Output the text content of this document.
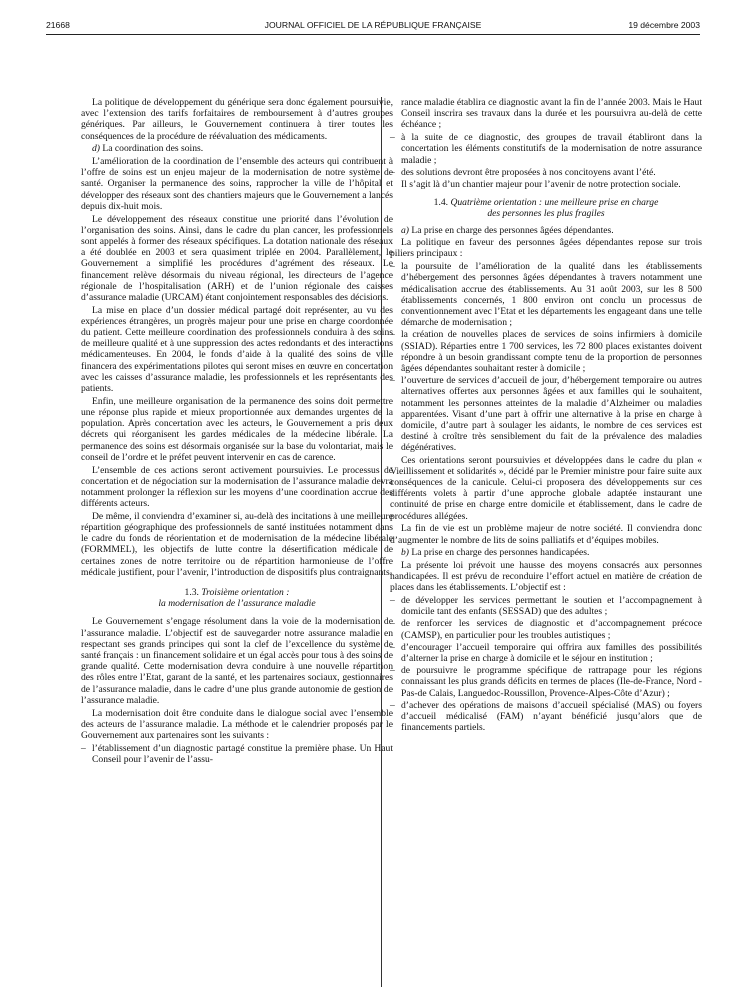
21668	JOURNAL OFFICIEL DE LA RÉPUBLIQUE FRANÇAISE	19 décembre 2003

La politique de développement du générique sera donc également poursuivie, avec l’extension des tarifs forfaitaires de remboursement à d’autres groupes génériques. Par ailleurs, le Gouvernement continuera à tirer toutes les conséquences de la procédure de réévaluation des médicaments.

d) La coordination des soins.

L’amélioration de la coordination de l’ensemble des acteurs qui contribuent à l’offre de soins est un enjeu majeur de la modernisation de notre système de santé. Organiser la permanence des soins, rapprocher la ville de l’hôpital et développer des réseaux sont des chantiers majeurs que le Gouvernement a lancés depuis dix-huit mois.

Le développement des réseaux constitue une priorité dans l’évolution de l’organisation des soins. Ainsi, dans le cadre du plan cancer, les professionnels sont appelés à former des réseaux spécifiques. La dotation nationale des réseaux a été doublée en 2003 et sera quasiment triplée en 2004. Parallèlement, le Gouvernement a simplifié les procédures d’agrément des réseaux. Le financement relève désormais du niveau régional, les directeurs de l’agence régionale de l’hospitalisation (ARH) et de l’union régionale des caisses d’assurance maladie (URCAM) étant conjointement responsables des décisions.

La mise en place d’un dossier médical partagé doit représenter, au vu des expériences étrangères, un progrès majeur pour une prise en charge coordonnée du patient. Cette meilleure coordination des professionnels conduira à des soins de meilleure qualité et à une suppression des actes redondants et des interactions médicamenteuses. En 2004, le fonds d’aide à la qualité des soins de ville financera des expérimentations pilotes qui seront mises en œuvre en concertation avec les caisses d’assurance maladie, les professionnels et les représentants des patients.

Enfin, une meilleure organisation de la permanence des soins doit permettre une réponse plus rapide et mieux proportionnée aux demandes urgentes de la population. Après concertation avec les acteurs, le Gouvernement a pris deux décrets qui réorganisent les gardes médicales de la médecine libérale. La permanence des soins est désormais organisée sur la base du volontariat, mais le conseil de l’ordre et le préfet peuvent intervenir en cas de carence.

L’ensemble de ces actions seront activement poursuivies. Le processus de concertation et de négociation sur la modernisation de l’assurance maladie devra notamment prolonger la réflexion sur les moyens d’une coordination accrue des différents acteurs.

De même, il conviendra d’examiner si, au-delà des incitations à une meilleure répartition géographique des professionnels de santé instituées notamment dans le cadre du fonds de réorientation et de modernisation de la médecine libérale (FORMMEL), les objectifs de lutte contre la désertification médicale de certaines zones de notre territoire ou de répartition harmonieuse de l’offre médicale justifient, pour l’avenir, l’introduction de dispositifs plus contraignants.

1.3. Troisième orientation :
la modernisation de l’assurance maladie

Le Gouvernement s’engage résolument dans la voie de la modernisation de l’assurance maladie. L’objectif est de sauvegarder notre assurance maladie en respectant ses grands principes qui sont la clef de l’excellence du système de santé français : un financement solidaire et un égal accès pour tous à des soins de grande qualité. Cette modernisation devra conduire à une nouvelle répartition des rôles entre l’Etat, garant de la santé, et les partenaires sociaux, gestionnaires de l’assurance maladie, dans le cadre d’une plus grande autonomie de gestion de l’assurance maladie.

La modernisation doit être conduite dans le dialogue social avec l’ensemble des acteurs de l’assurance maladie. La méthode et le calendrier proposés par le Gouvernement aux partenaires sont les suivants :

– l’établissement d’un diagnostic partagé constitue la première phase. Un Haut Conseil pour l’avenir de l’assu-

rance maladie établira ce diagnostic avant la fin de l’année 2003. Mais le Haut Conseil inscrira ses travaux dans la durée et les poursuivra au-delà de cette échéance ;

– à la suite de ce diagnostic, des groupes de travail établiront dans la concertation les éléments constitutifs de la modernisation de notre assurance maladie ;
– des solutions devront être proposées à nos concitoyens avant l’été.

Il s’agit là d’un chantier majeur pour l’avenir de notre protection sociale.

1.4. Quatrième orientation : une meilleure prise en charge
des personnes les plus fragiles

a) La prise en charge des personnes âgées dépendantes.

La politique en faveur des personnes âgées dépendantes repose sur trois piliers principaux :

– la poursuite de l’amélioration de la qualité dans les établissements d’hébergement des personnes âgées dépendantes à travers notamment une médicalisation accrue des établissements. Au 31 août 2003, sur les 8 500 établissements concernés, 1 800 environ ont conclu un processus de conventionnement avec l’Etat et les départements les engageant dans une telle démarche de modernisation ;
– la création de nouvelles places de services de soins infirmiers à domicile (SSIAD). Réparties entre 1 700 services, les 72 800 places existantes doivent répondre à un besoin grandissant compte tenu de la proportion de personnes âgées dépendantes souhaitant rester à domicile ;
– l’ouverture de services d’accueil de jour, d’hébergement temporaire ou autres alternatives offertes aux personnes âgées et aux familles qui le souhaitent, notamment les personnes atteintes de la maladie d’Alzheimer ou maladies apparentées. Visant d’une part à offrir une alternative à la prise en charge à domicile, d’autre part à soulager les aidants, le nombre de ces services est destiné à croître très sensiblement du fait de la prévalence des maladies dégénératives.

Ces orientations seront poursuivies et développées dans le cadre du plan « Vieillissement et solidarités », décidé par le Premier ministre pour faire suite aux conséquences de la canicule. Celui-ci proposera des développements sur ces différents volets à partir d’une approche globale adaptée instaurant une continuité de prise en charge entre domicile et établissement, dans le cadre de procédures allégées.

La fin de vie est un problème majeur de notre société. Il conviendra donc d’augmenter le nombre de lits de soins palliatifs et d’équipes mobiles.

b) La prise en charge des personnes handicapées.

La présente loi prévoit une hausse des moyens consacrés aux personnes handicapées. Il est prévu de reconduire l’effort actuel en matière de création de places dans les établissements. L’objectif est :

– de développer les services permettant le soutien et l’accompagnement à domicile tant des enfants (SESSAD) que des adultes ;
– de renforcer les services de diagnostic et d’accompagnement précoce (CAMSP), en particulier pour les troubles autistiques ;
– d’encourager l’accueil temporaire qui offrira aux familles des possibilités d’alterner la prise en charge à domicile et le séjour en institution ;
– de poursuivre le programme spécifique de rattrapage pour les régions connaissant les plus grands déficits en termes de places (Ile-de-France, Nord - Pas-de Calais, Languedoc-Roussillon, Provence-Alpes-Côte d’Azur) ;
– d’achever des opérations de maisons d’accueil spécialisé (MAS) ou foyers d’accueil médicalisé (FAM) n’ayant bénéficié jusqu’alors que de financements partiels.
